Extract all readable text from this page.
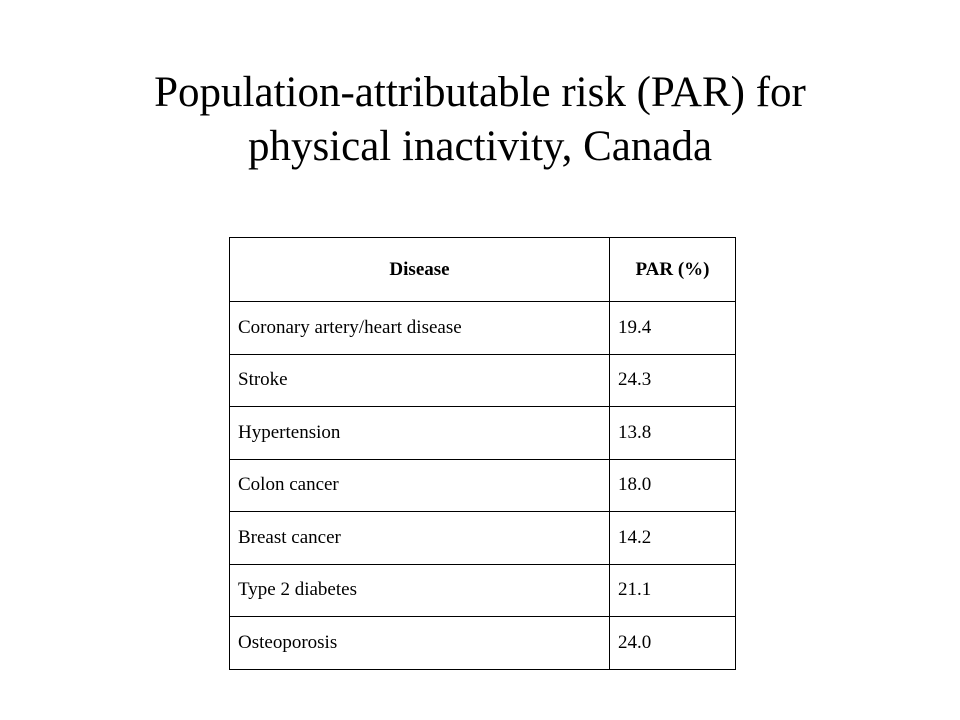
Population-attributable risk (PAR) for
physical inactivity, Canada
Disease	PAR (%)
Coronary artery/heart disease	19.4
Stroke	24.3
Hypertension	13.8
Colon cancer	18.0
Breast cancer	14.2
Type 2 diabetes	21.1
Osteoporosis	24.0
